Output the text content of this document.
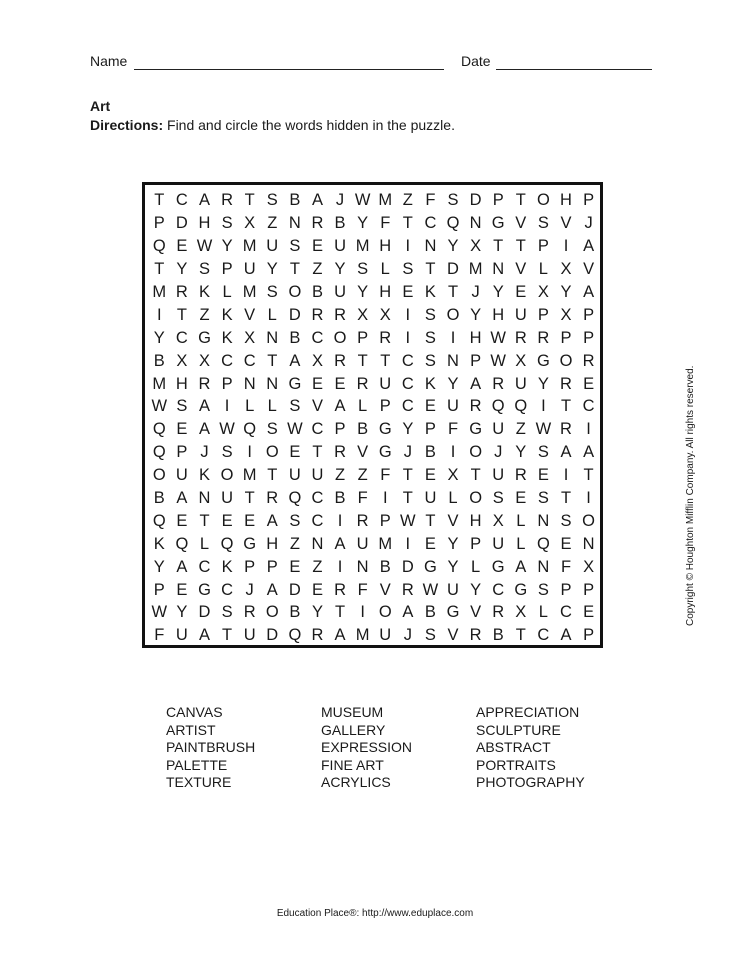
Name	Date
Art
Directions: Find and circle the words hidden in the puzzle.
T C A R T S B A J W M Z F S D P T O H P
P D H S X Z N R B Y F T C Q N G V S V J
Q E W Y M U S E U M H I N Y X T T P I A
T Y S P U Y T Z Y S L S T D M N V L X V
M R K L M S O B U Y H E K T J Y E X Y A
I T Z K V L D R R X X I S O Y H U P X P
Y C G K X N B C O P R I S I H W R R P P
B X X C C T A X R T T C S N P W X G O R
M H R P N N G E E R U C K Y A R U Y R E
W S A I L L S V A L P C E U R Q Q I T C
Q E A W Q S W C P B G Y P F G U Z W R I
Q P J S I O E T R V G J B I O J Y S A A
O U K O M T U U Z Z F T E X T U R E I T
B A N U T R Q C B F I T U L O S E S T I
Q E T E E A S C I R P W T V H X L N S O
K Q L Q G H Z N A U M I E Y P U L Q E N
Y A C K P P E Z I N B D G Y L G A N F X
P E G C J A D E R F V R W U Y C G S P P
W Y D S R O B Y T I O A B G V R X L C E
F U A T U D Q R A M U J S V R B T C A P
Copyright © Houghton Mifflin Company. All rights reserved.
CANVAS
ARTIST
PAINTBRUSH
PALETTE
TEXTURE
MUSEUM
GALLERY
EXPRESSION
FINE ART
ACRYLICS
APPRECIATION
SCULPTURE
ABSTRACT
PORTRAITS
PHOTOGRAPHY
Education Place®: http://www.eduplace.com
